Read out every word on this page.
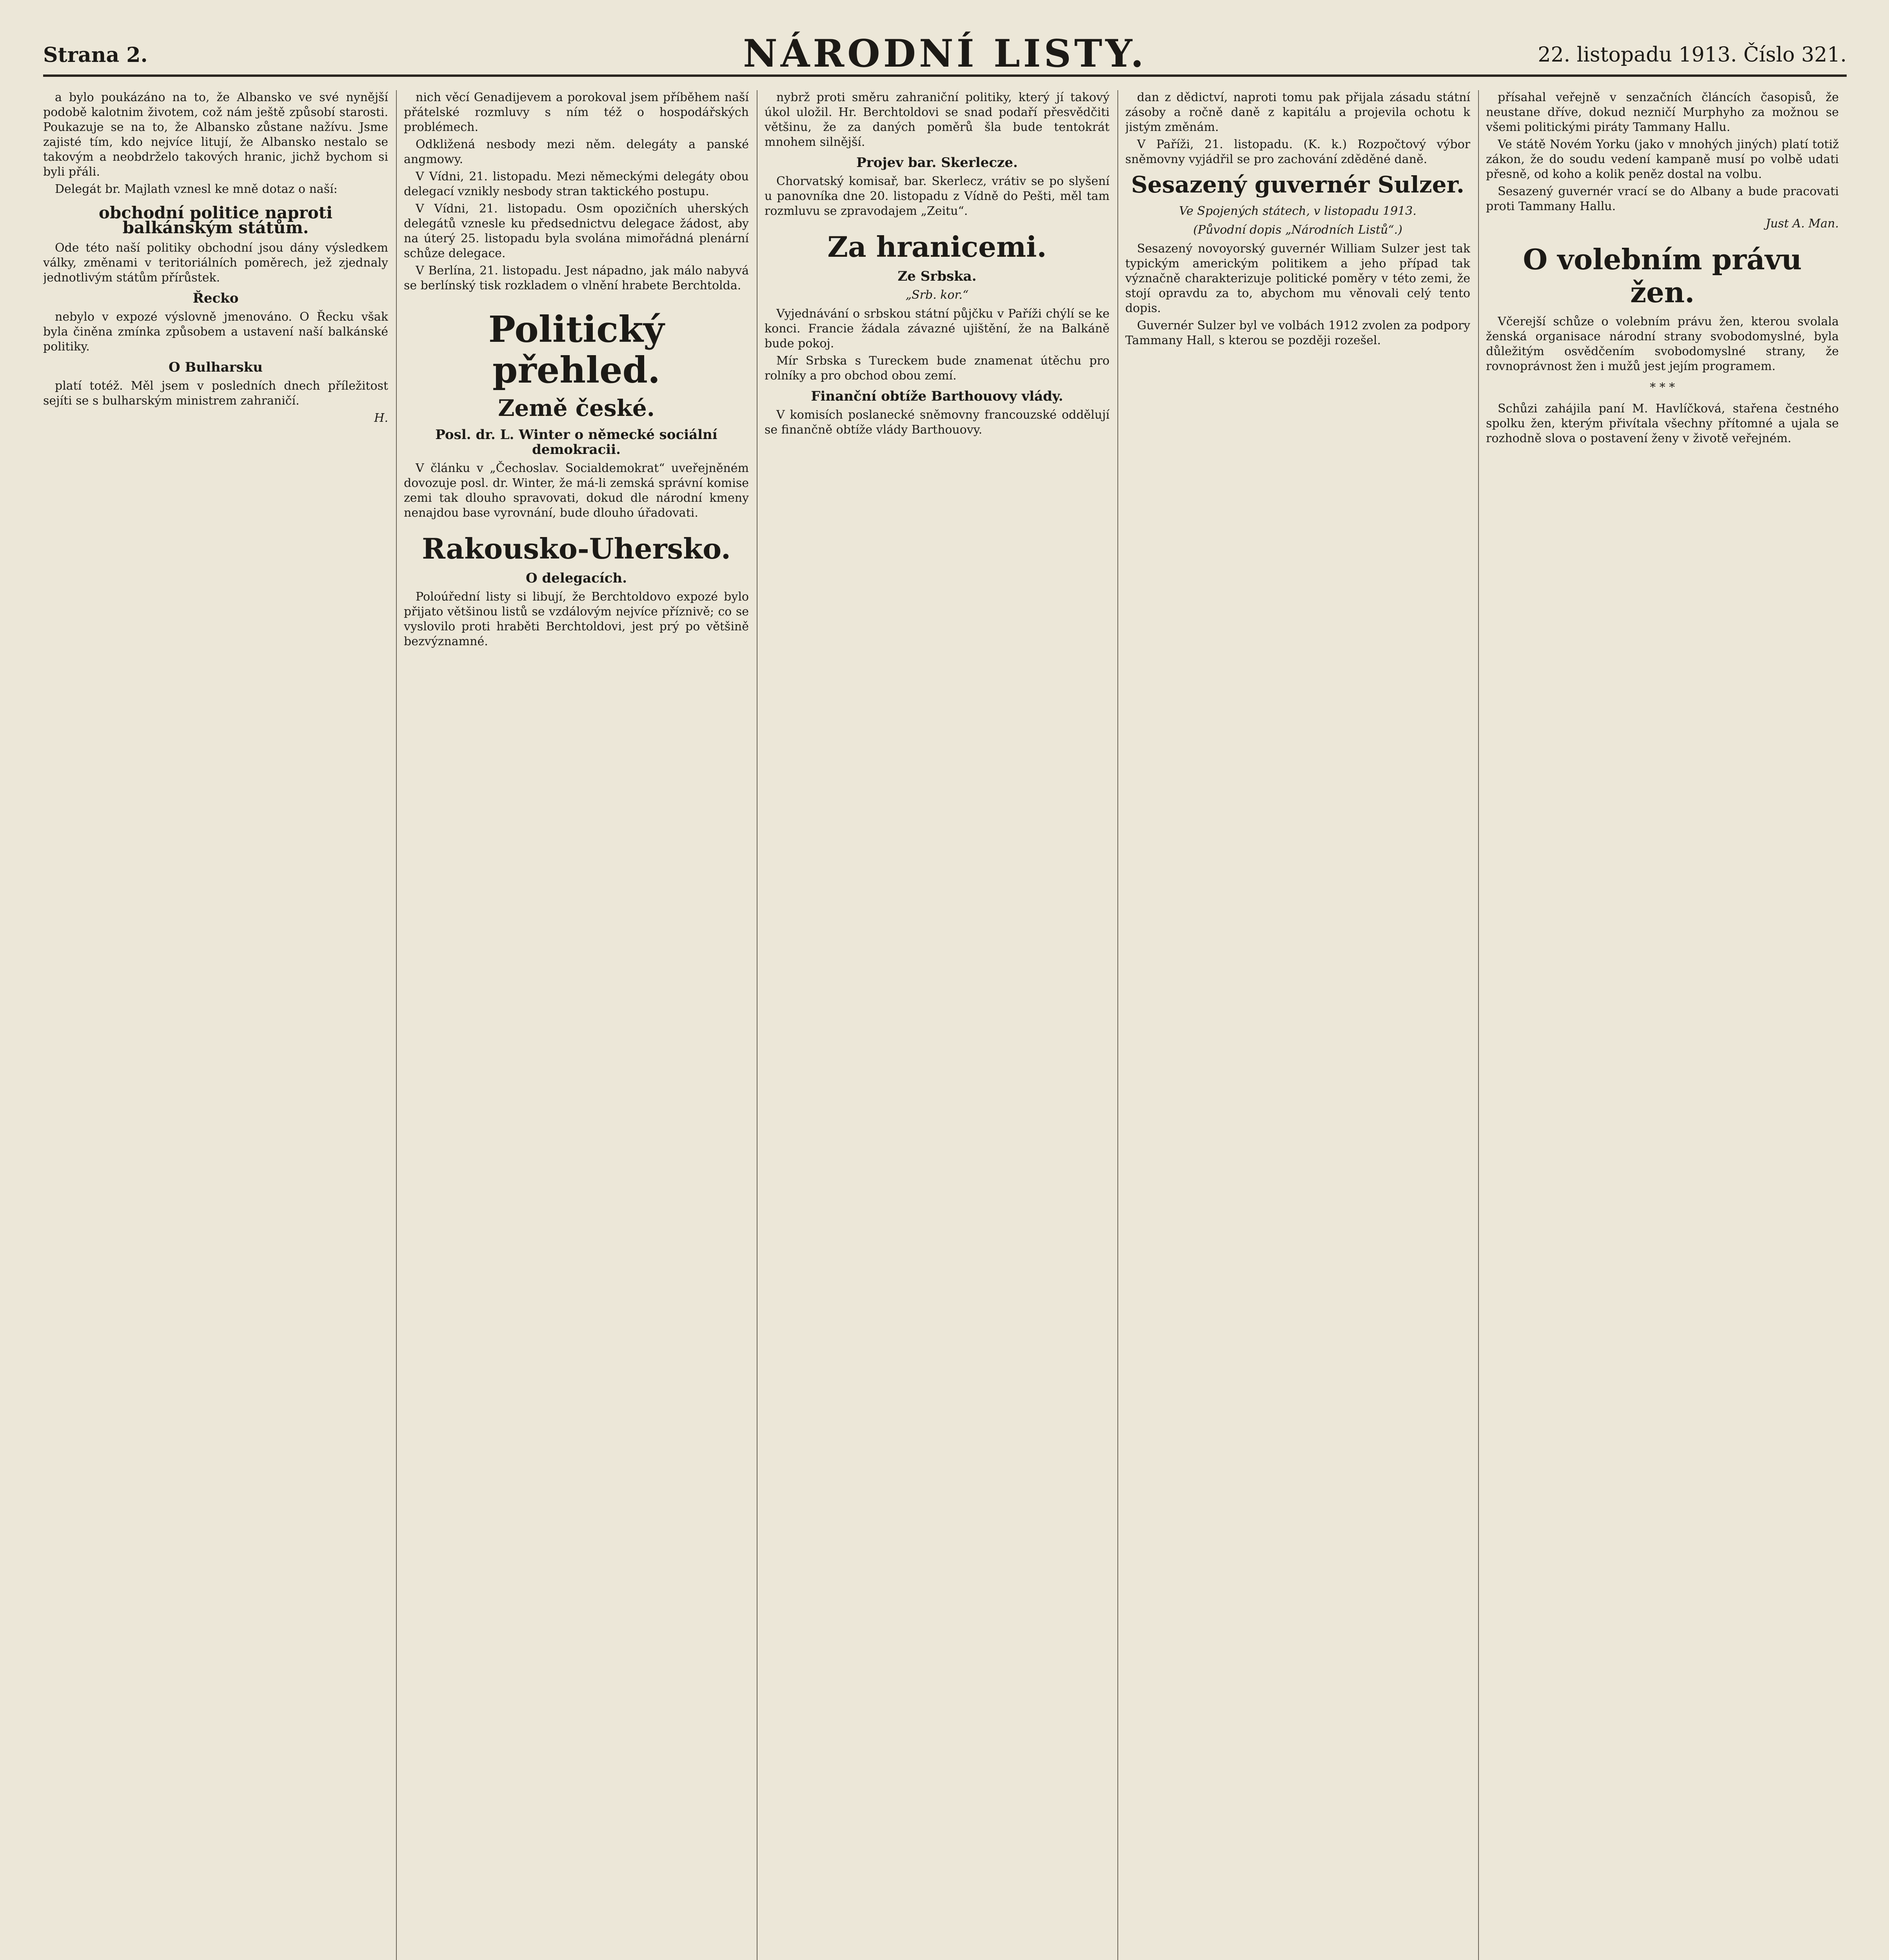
Strana 2.	NÁRODNÍ LISTY.	22. listopadu 1913. Číslo 321.

a bylo poukázáno na to, že Albansko ve své nynější podobě kalotnim životem, což nám ještě způsobí starosti. Poukazuje se na to, že Albansko zůstane nažívu. Jsme zajisté tím, kdo nejvíce litují, že Albansko nestalo se takovým a neobdrželo takových hranic, jichž bychom si byli přáli.

Delegát br. Majlath vznesl ke mně dotaz o naší:

obchodní politice naproti balkánským státům.

Ode této naší politiky obchodní jsou dány výsledkem války, změnami v teritoriálních poměrech, jež zjednaly jednotlivým státům přírůstek.

Řecko

nebylo v expozé výslovně jmenováno. O Řecku však byla činěna zmínka způsobem a ustavení naší balkánské politiky.

O Bulharsku

platí totéž. Měl jsem v posledních dnech příležitost sejíti se s bulharským ministrem zahraničí.

H.

nich věcí Genadijevem a porokoval jsem příběhem naší přátelské rozmluvy s ním též o hospodářských problémech.

Odkližená nesbody mezi něm. delegáty a panské angmowy.

V Vídni, 21. listopadu. Mezi německými delegáty obou delegací vznikly nesbody stran taktického postupu.

V Vídni, 21. listopadu. Osm opozičních uherských delegátů vznesle ku předsednictvu delegace žádost, aby na úterý 25. listopadu byla svolána mimořádná plenární schůze delegace.

V Berlína, 21. listopadu. Jest nápadno, jak málo nabyvá se berlínský tisk rozkladem o vlnění hrabete Berchtolda.

Politický přehled.
Země české.
Posl. dr. L. Winter o německé sociální demokracii.

V článku v „Čechoslav. Socialdemokrat“ uveřejněném dovozuje posl. dr. Winter, že má-li zemská správní komise zemi tak dlouho spravovati, dokud dle národní kmeny nenajdou base vyrovnání, bude dlouho úřadovati.

Rakousko-Uhersko.
O delegacích.

Poloúřední listy si libují, že Berchtoldovo expozé bylo přijato většinou listů se vzdálovým nejvíce příznivě; co se vyslovilo proti hraběti Berchtoldovi, jest prý po většině bezvýznamné.

nybrž proti směru zahraniční politiky, který jí takový úkol uložil. Hr. Berchtoldovi se snad podaří přesvědčiti většinu, že za daných poměrů šla bude tentokrát mnohem silnější.

Projev bar. Skerlecze.

Chorvatský komisař, bar. Skerlecz, vrátiv se po slyšení u panovníka dne 20. listopadu z Vídně do Pešti, měl tam rozmluvu se zpravodajem „Zeitu“.

Za hranicemi.
Ze Srbska.
„Srb. kor.“

Vyjednávání o srbskou státní půjčku v Paříži chýlí se ke konci. Francie žádala závazné ujištění, že na Balkáně bude pokoj.

Mír Srbska s Tureckem bude znamenat útěchu pro rolníky a pro obchod obou zemí.

Finanční obtíže Barthouovy vlády.

V komisích poslanecké sněmovny francouzské oddělují se finančně obtíže vlády Barthouovy.

dan z dědictví, naproti tomu pak přijala zásadu státní zásoby a ročně daně z kapitálu a projevila ochotu k jistým změnám.

V Paříži, 21. listopadu. (K. k.) Rozpočtový výbor sněmovny vyjádřil se pro zachování zděděné daně.

Sesazený guvernér Sulzer.
Ve Spojených státech, v listopadu 1913.
(Původní dopis „Národních Listů“.)

Sesazený novoyorský guvernér William Sulzer jest tak typickým americkým politikem a jeho případ tak význačně charakterizuje politické poměry v této zemi, že stojí opravdu za to, abychom mu věnovali celý tento dopis.

Guvernér Sulzer byl ve volbách 1912 zvolen za podpory Tammany Hall, s kterou se později rozešel.

přísahal veřejně v senzačních článcích časopisů, že neustane dříve, dokud nezničí Murphyho za možnou se všemi politickými piráty Tammany Hallu.

Ve státě Novém Yorku (jako v mnohých jiných) platí totiž zákon, že do soudu vedení kampaně musí po volbě udati přesně, od koho a kolik peněz dostal na volbu.

Sesazený guvernér vrací se do Albany a bude pracovati proti Tammany Hallu.

Just A. Man.
O volebním právu žen.

Včerejší schůze o volebním právu žen, kterou svolala ženská organisace národní strany svobodomyslné, byla důležitým osvědčením svobodomyslné strany, že rovnoprávnost žen i mužů jest jejím programem.

* * *

Schůzi zahájila paní M. Havlíčková, stařena čestného spolku žen, kterým přivítala všechny přítomné a ujala se rozhodně slova o postavení ženy v životě veřejném.
